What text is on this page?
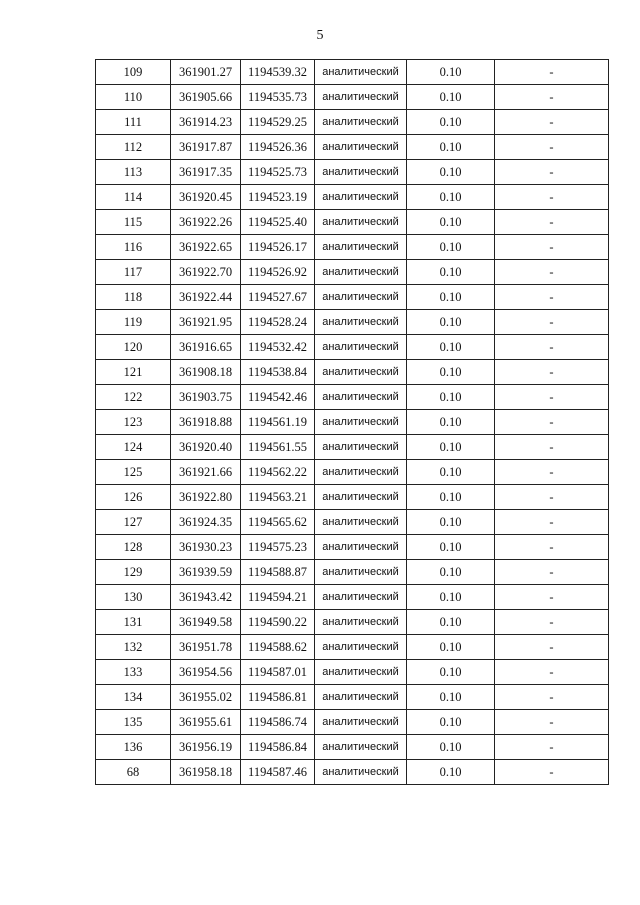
5
109	361901.27	1194539.32	аналитический	0.10	-
110	361905.66	1194535.73	аналитический	0.10	-
111	361914.23	1194529.25	аналитический	0.10	-
112	361917.87	1194526.36	аналитический	0.10	-
113	361917.35	1194525.73	аналитический	0.10	-
114	361920.45	1194523.19	аналитический	0.10	-
115	361922.26	1194525.40	аналитический	0.10	-
116	361922.65	1194526.17	аналитический	0.10	-
117	361922.70	1194526.92	аналитический	0.10	-
118	361922.44	1194527.67	аналитический	0.10	-
119	361921.95	1194528.24	аналитический	0.10	-
120	361916.65	1194532.42	аналитический	0.10	-
121	361908.18	1194538.84	аналитический	0.10	-
122	361903.75	1194542.46	аналитический	0.10	-
123	361918.88	1194561.19	аналитический	0.10	-
124	361920.40	1194561.55	аналитический	0.10	-
125	361921.66	1194562.22	аналитический	0.10	-
126	361922.80	1194563.21	аналитический	0.10	-
127	361924.35	1194565.62	аналитический	0.10	-
128	361930.23	1194575.23	аналитический	0.10	-
129	361939.59	1194588.87	аналитический	0.10	-
130	361943.42	1194594.21	аналитический	0.10	-
131	361949.58	1194590.22	аналитический	0.10	-
132	361951.78	1194588.62	аналитический	0.10	-
133	361954.56	1194587.01	аналитический	0.10	-
134	361955.02	1194586.81	аналитический	0.10	-
135	361955.61	1194586.74	аналитический	0.10	-
136	361956.19	1194586.84	аналитический	0.10	-
68	361958.18	1194587.46	аналитический	0.10	-
